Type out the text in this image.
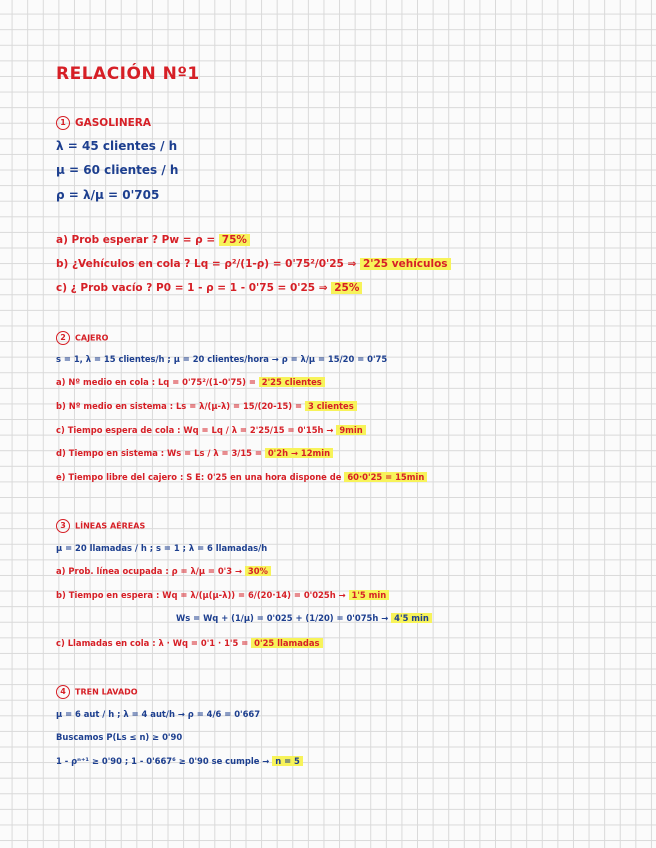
RELACIÓN Nº1
1 GASOLINERA
λ = 45 clientes / h
μ = 60 clientes / h
ρ = λ/μ = 0'705
a) Prob esperar ? Pw = ρ = 75%
b) ¿Vehículos en cola ? Lq = ρ²/(1-ρ) = 0'75²/0'25 ⇒ 2'25 vehículos
c) ¿ Prob vacío ? P0 = 1 - ρ = 1 - 0'75 = 0'25 ⇒ 25%
2 CAJERO
s = 1, λ = 15 clientes/h ; μ = 20 clientes/hora → ρ = λ/μ = 15/20 = 0'75
a) Nº medio en cola : Lq = 0'75²/(1-0'75) = 2'25 clientes
b) Nº medio en sistema : Ls = λ/(μ-λ) = 15/(20-15) = 3 clientes
c) Tiempo espera de cola : Wq = Lq / λ = 2'25/15 = 0'15h → 9min
d) Tiempo en sistema : Ws = Ls / λ = 3/15 = 0'2h → 12min
e) Tiempo libre del cajero : S E: 0'25 en una hora dispone de 60·0'25 = 15min
3 LÍNEAS AÉREAS
μ = 20 llamadas / h ; s = 1 ; λ = 6 llamadas/h
a) Prob. línea ocupada : ρ = λ/μ = 0'3 → 30%
b) Tiempo en espera : Wq = λ/(μ(μ-λ)) = 6/(20·14) = 0'025h → 1'5 min
Ws = Wq + (1/μ) = 0'025 + (1/20) = 0'075h → 4'5 min
c) Llamadas en cola : λ · Wq = 0'1 · 1'5 = 0'25 llamadas
4 TREN LAVADO
μ = 6 aut / h ; λ = 4 aut/h → ρ = 4/6 = 0'667
Buscamos P(Ls ≤ n) ≥ 0'90
1 - ρⁿ⁺¹ ≥ 0'90 ; 1 - 0'667⁶ ≥ 0'90 se cumple → n = 5
